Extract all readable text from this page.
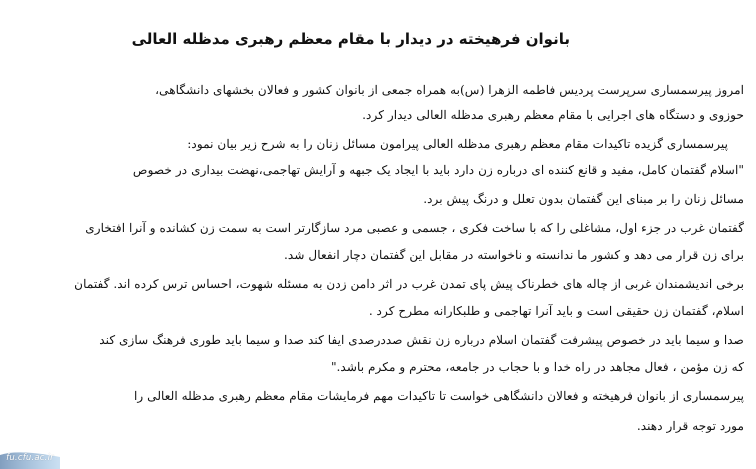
بانوان فرهیخته در دیدار با مقام معظم رهبری مدظله العالی
امروز پیرسمساری سرپرست پردیس فاطمه الزهرا (س)به همراه جمعی از بانوان کشور و فعالان بخشهای دانشگاهی،
حوزوی و دستگاه های اجرایی با مقام معظم رهبری مدظله العالی دیدار کرد.
پیرسمساری گزیده تاکیدات مقام معظم رهبری مدظله العالی پیرامون مسائل زنان را به شرح زیر بیان نمود:
"اسلام گفتمان کامل، مفید و قانع کننده ای درباره زن دارد باید با ایجاد یک جبهه و آرایش تهاجمی،نهضت بیداری در خصوص
مسائل زنان را بر مبنای این گفتمان بدون تعلل و درنگ پیش برد.
گفتمان غرب در جزء اول، مشاغلی را که با ساخت فکری ، جسمی و عصبی مرد سازگارتر است به سمت زن کشانده و آنرا افتخاری
برای زن قرار می دهد و کشور ما ندانسته و ناخواسته در مقابل این گفتمان دچار انفعال شد.
برخی اندیشمندان غربی از چاله های خطرناک پیش پای تمدن غرب در اثر دامن زدن به مسئله شهوت، احساس ترس کرده اند. گفتمان
اسلام، گفتمان زن حقیقی است و باید آنرا تهاجمی و طلبکارانه مطرح کرد .
صدا و سیما باید در خصوص پیشرفت گفتمان اسلام درباره زن نقش صددرصدی ایفا کند صدا و سیما باید طوری فرهنگ سازی کند
که زن مؤمن ، فعال مجاهد در راه خدا و با حجاب در جامعه، محترم و مکرم باشد."
پیرسمساری از بانوان فرهیخته و فعالان دانشگاهی خواست تا تاکیدات مهم فرمایشات مقام معظم رهبری مدظله العالی را
مورد توجه قرار دهند.
fu.cfu.ac.ir
